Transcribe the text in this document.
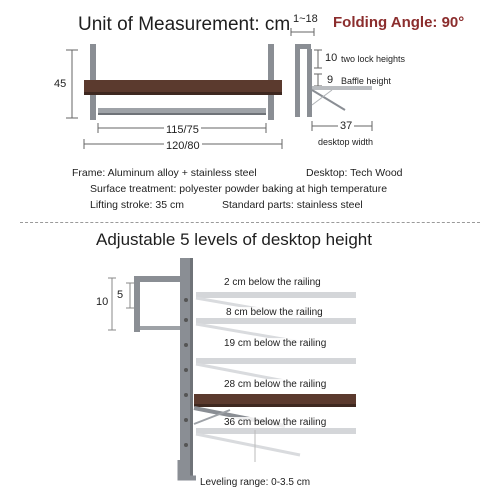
Unit of Measurement: cm 1~18 Folding Angle: 90°
45
115/75
120/80
10 two lock heights
9 Baffle height
37
desktop width
Frame: Aluminum alloy + stainless steel	Desktop: Tech Wood
Surface treatment: polyester powder baking at high temperature
Lifting stroke: 35 cm	Standard parts: stainless steel
Adjustable 5 levels of desktop height
10
5
2 cm below the railing
8 cm below the railing
19 cm below the railing
28 cm below the railing
36 cm below the railing
Leveling range: 0-3.5 cm
